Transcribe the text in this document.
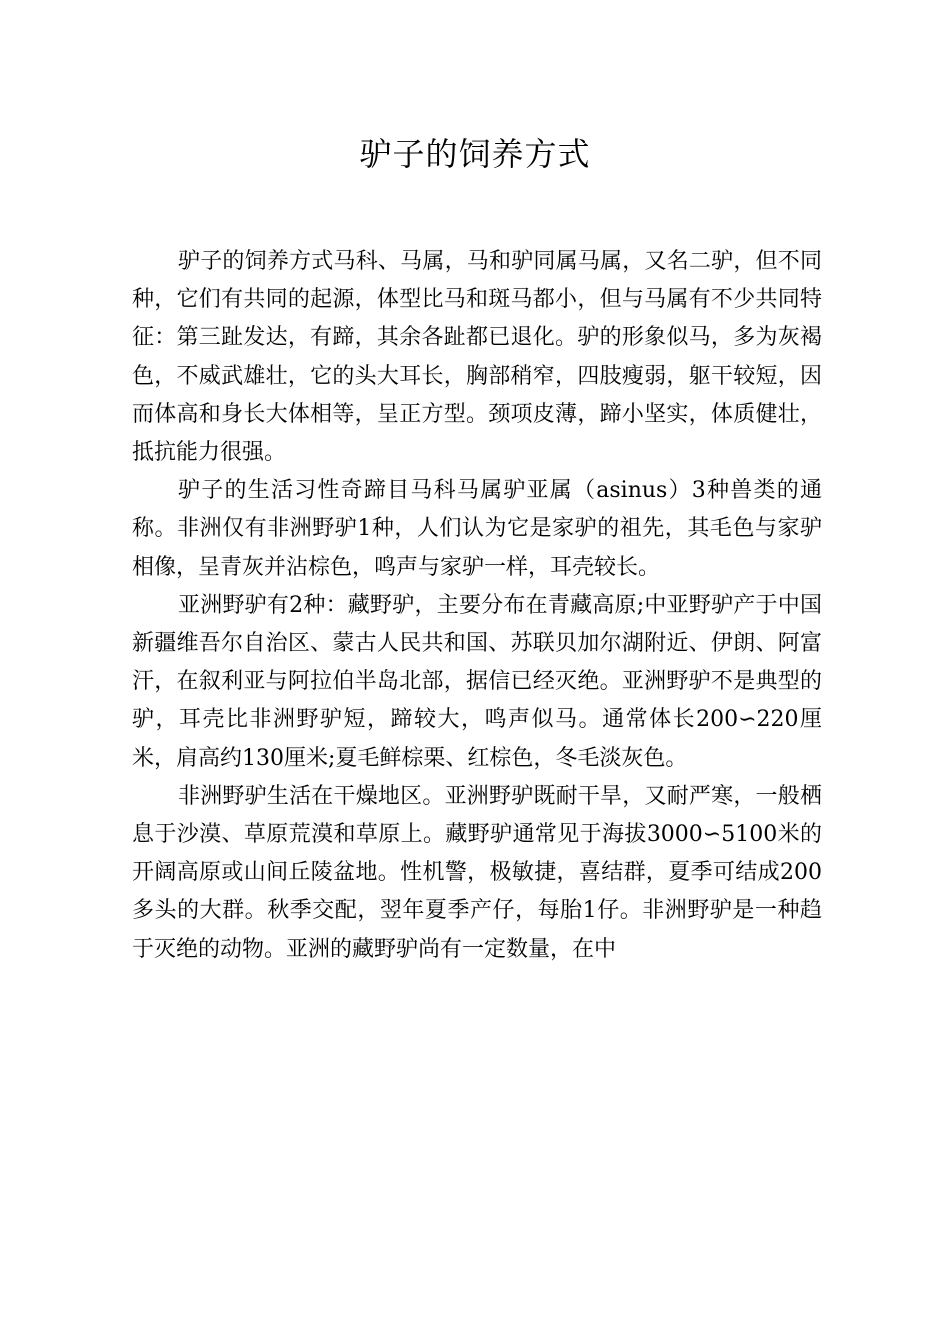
驴子的饲养方式

驴子的饲养方式马科、马属，马和驴同属马属，又名二驴，但不同种，它们有共同的起源，体型比马和斑马都小，但与马属有不少共同特征：第三趾发达，有蹄，其余各趾都已退化。驴的形象似马，多为灰褐色，不威武雄壮，它的头大耳长，胸部稍窄，四肢瘦弱，躯干较短，因而体高和身长大体相等，呈正方型。颈项皮薄，蹄小坚实，体质健壮，抵抗能力很强。

驴子的生活习性奇蹄目马科马属驴亚属（asinus）3种兽类的通称。非洲仅有非洲野驴1种，人们认为它是家驴的祖先，其毛色与家驴相像，呈青灰并沾棕色，鸣声与家驴一样，耳壳较长。

亚洲野驴有2种：藏野驴，主要分布在青藏高原;中亚野驴产于中国新疆维吾尔自治区、蒙古人民共和国、苏联贝加尔湖附近、伊朗、阿富汗，在叙利亚与阿拉伯半岛北部，据信已经灭绝。亚洲野驴不是典型的驴，耳壳比非洲野驴短，蹄较大，鸣声似马。通常体长200∽220厘米，肩高约130厘米;夏毛鲜棕栗、红棕色，冬毛淡灰色。

非洲野驴生活在干燥地区。亚洲野驴既耐干旱，又耐严寒，一般栖息于沙漠、草原荒漠和草原上。藏野驴通常见于海拔3000∽5100米的开阔高原或山间丘陵盆地。性机警，极敏捷，喜结群，夏季可结成200多头的大群。秋季交配，翌年夏季产仔，每胎1仔。非洲野驴是一种趋于灭绝的动物。亚洲的藏野驴尚有一定数量，在中
